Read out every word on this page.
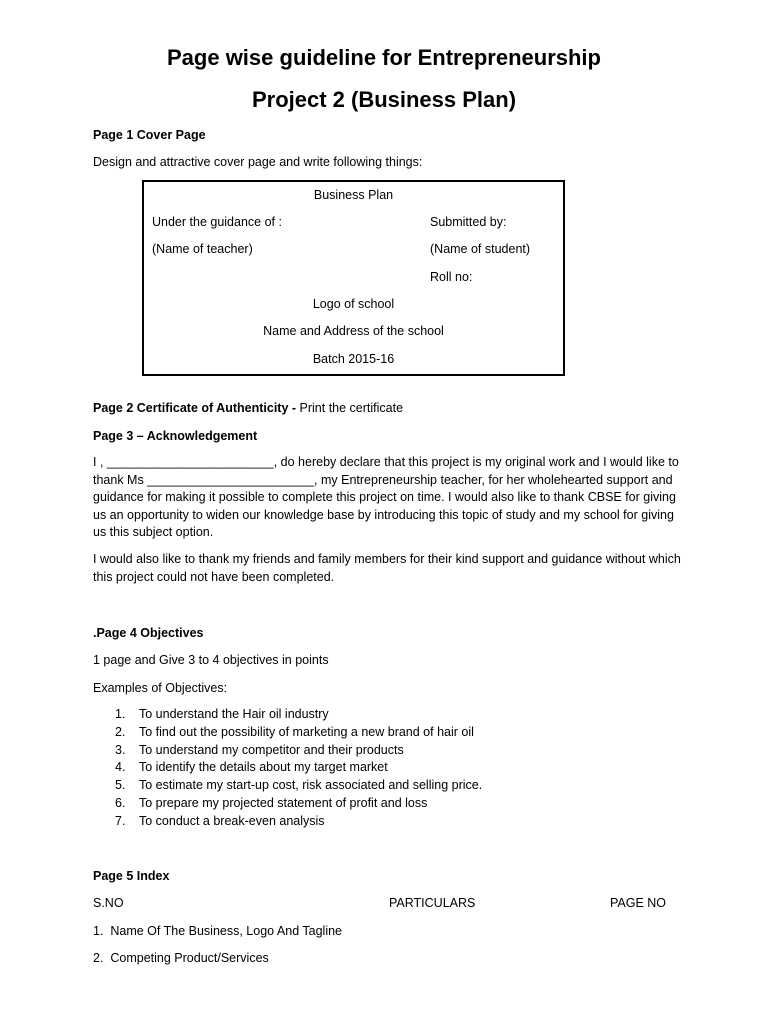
Page wise guideline for Entrepreneurship
Project 2 (Business Plan)
Page 1 Cover Page
Design and attractive cover page and write following things:
Business Plan
Under the guidance of :	Submitted by:
(Name of teacher)	(Name of student)
Roll no:
Logo of school
Name and Address of the school
Batch 2015-16
Page 2 Certificate of Authenticity - Print the certificate
Page 3 – Acknowledgement
I , ________________________, do hereby declare that this project is my original work and I would like to thank Ms ________________________, my Entrepreneurship teacher, for her wholehearted support and guidance for making it possible to complete this project on time. I would also like to thank CBSE for giving us an opportunity to widen our knowledge base by introducing this topic of study and my school for giving us this subject option.
I would also like to thank my friends and family members for their kind support and guidance without which this project could not have been completed.
.Page 4 Objectives
1 page and Give 3 to 4 objectives in points
Examples of Objectives:
1. To understand the Hair oil industry
2. To find out the possibility of marketing a new brand of hair oil
3. To understand my competitor and their products
4. To identify the details about my target market
5. To estimate my start-up cost, risk associated and selling price.
6. To prepare my projected statement of profit and loss
7. To conduct a break-even analysis
Page 5 Index
S.NO	PARTICULARS	PAGE NO
1.  Name Of The Business, Logo And Tagline
2.  Competing Product/Services
